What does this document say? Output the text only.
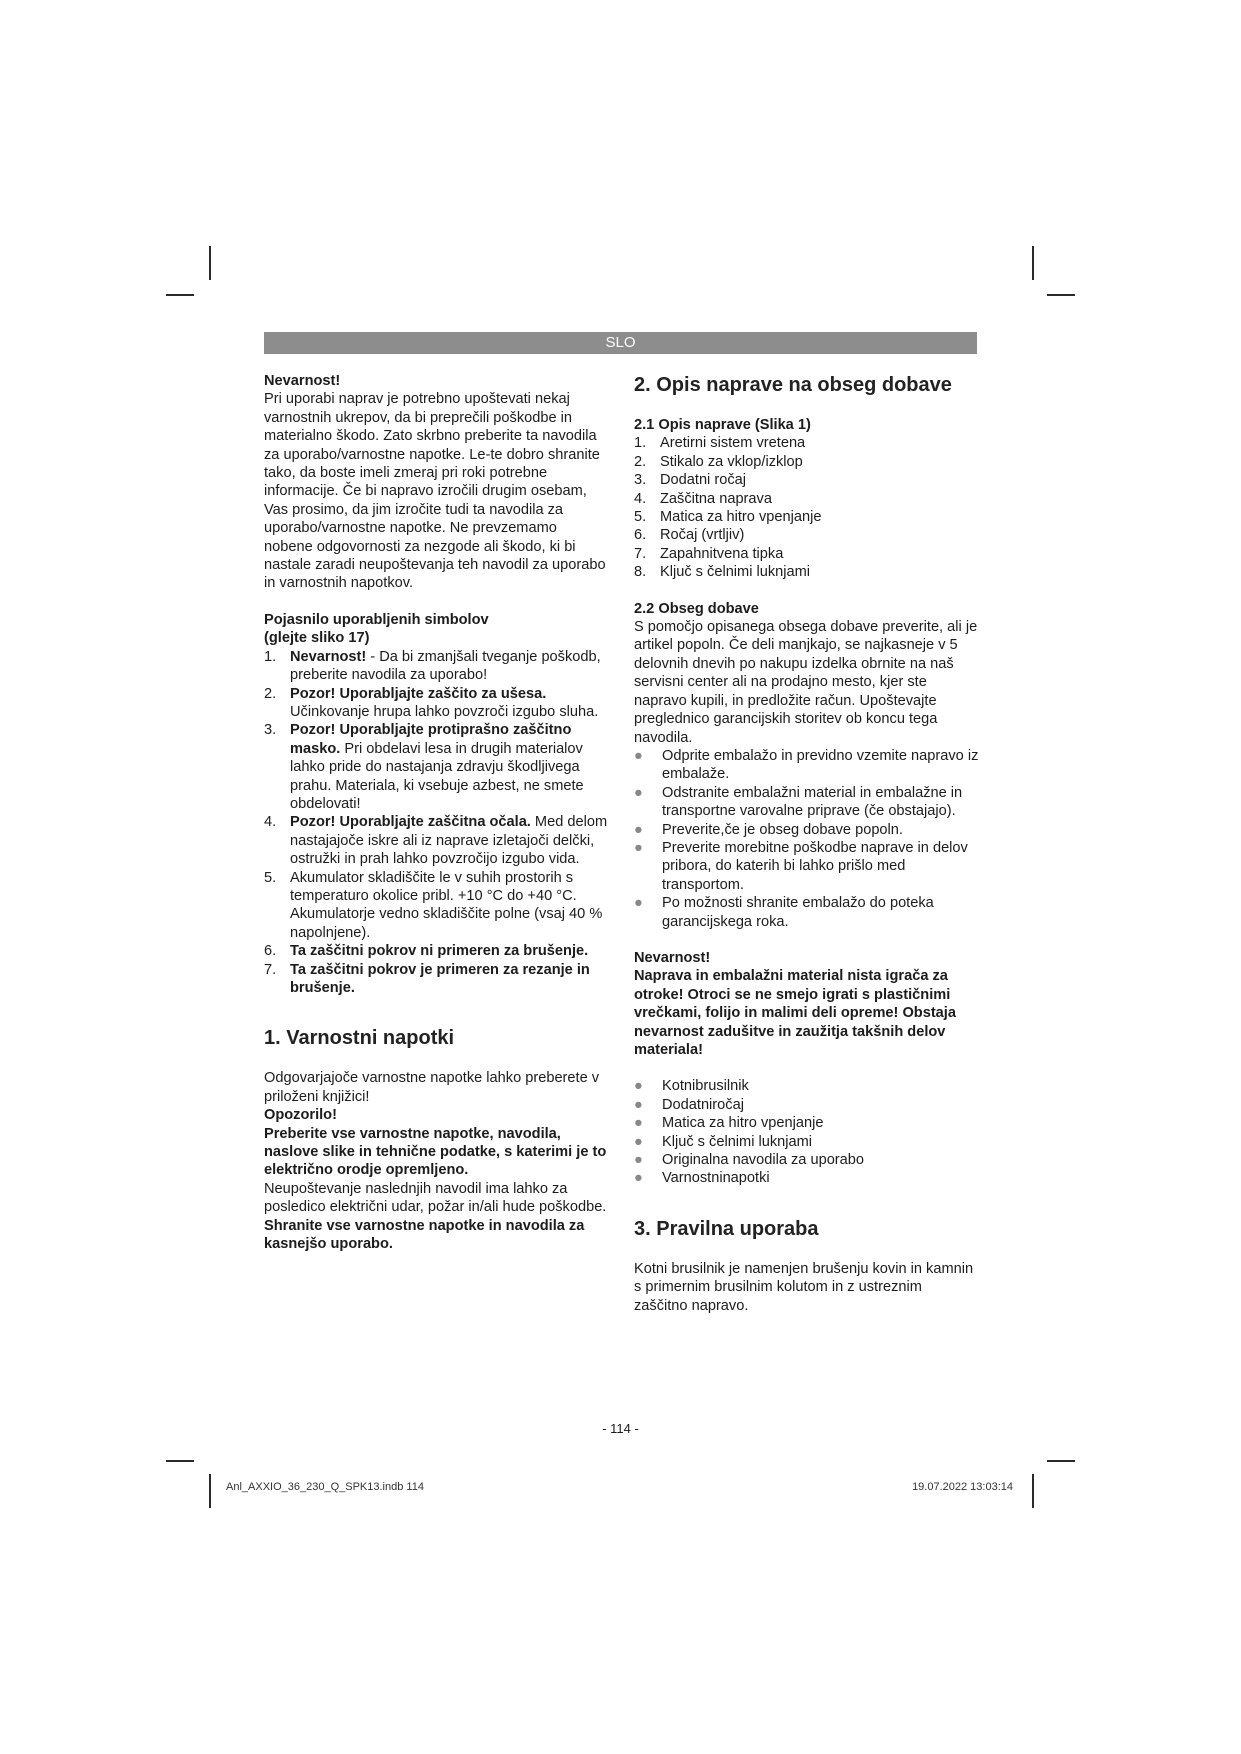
SLO

Nevarnost!

Pri uporabi naprav je potrebno upoštevati nekaj varnostnih ukrepov, da bi preprečili poškodbe in materialno škodo. Zato skrbno preberite ta navodila za uporabo/varnostne napotke. Le-te dobro shranite tako, da boste imeli zmeraj pri roki potrebne informacije. Če bi napravo izročili drugim osebam, Vas prosimo, da jim izročite tudi ta navodila za uporabo/varnostne napotke. Ne prevzemamo nobene odgovornosti za nezgode ali škodo, ki bi nastale zaradi neupoštevanja teh navodil za uporabo in varnostnih napotkov.

Pojasnilo uporabljenih simbolov

(glejte sliko 17)

1. Nevarnost! - Da bi zmanjšali tveganje poškodb, preberite navodila za uporabo!
2. Pozor! Uporabljajte zaščito za ušesa. Učinkovanje hrupa lahko povzroči izgubo sluha.
3. Pozor! Uporabljajte protiprašno zaščitno masko. Pri obdelavi lesa in drugih materialov lahko pride do nastajanja zdravju škodljivega prahu. Materiala, ki vsebuje azbest, ne smete obdelovati!
4. Pozor! Uporabljajte zaščitna očala. Med delom nastajajoče iskre ali iz naprave izletajoči delčki, ostružki in prah lahko povzročijo izgubo vida.
5. Akumulator skladiščite le v suhih prostorih s temperaturo okolice pribl. +10 °C do +40 °C. Akumulatorje vedno skladiščite polne (vsaj 40 % napolnjene).
6. Ta zaščitni pokrov ni primeren za brušenje.
7. Ta zaščitni pokrov je primeren za rezanje in brušenje.
1. Varnostni napotki

Odgovarjajoče varnostne napotke lahko preberete v priloženi knjižici!

Opozorilo!

Preberite vse varnostne napotke, navodila, naslove slike in tehnične podatke, s katerimi je to električno orodje opremljeno.

Neupoštevanje naslednjih navodil ima lahko za posledico električni udar, požar in/ali hude poškodbe.

Shranite vse varnostne napotke in navodila za kasnejšo uporabo.

2. Opis naprave na obseg dobave
2.1 Opis naprave (Slika 1)
1. Aretirni sistem vretena
2. Stikalo za vklop/izklop
3. Dodatni ročaj
4. Zaščitna naprava
5. Matica za hitro vpenjanje
6. Ročaj (vrtljiv)
7. Zapahnitvena tipka
8. Ključ s čelnimi luknjami
2.2 Obseg dobave

S pomočjo opisanega obsega dobave preverite, ali je artikel popoln. Če deli manjkajo, se najkasneje v 5 delovnih dnevih po nakupu izdelka obrnite na naš servisni center ali na prodajno mesto, kjer ste napravo kupili, in predložite račun. Upoštevajte preglednico garancijskih storitev ob koncu tega navodila.

●	Odprite embalažo in previdno vzemite napravo iz embalaže.
●	Odstranite embalažni material in embalažne in transportne varovalne priprave (če obstajajo).
●	Preverite,če je obseg dobave popoln.
●	Preverite morebitne poškodbe naprave in delov pribora, do katerih bi lahko prišlo med transportom.
●	Po možnosti shranite embalažo do poteka garancijskega roka.

Nevarnost!

Naprava in embalažni material nista igrača za otroke! Otroci se ne smejo igrati s plastičnimi vrečkami, folijo in malimi deli opreme! Obstaja nevarnost zadušitve in zaužitja takšnih delov materiala!

●	Kotnibrusilnik
●	Dodatniročaj
●	Matica za hitro vpenjanje
●	Ključ s čelnimi luknjami
●	Originalna navodila za uporabo
●	Varnostninapotki
3. Pravilna uporaba

Kotni brusilnik je namenjen brušenju kovin in kamnin s primernim brusilnim kolutom in z ustreznim zaščitno napravo.

- 114 -
Anl_AXXIO_36_230_Q_SPK13.indb 114	19.07.2022 13:03:14
